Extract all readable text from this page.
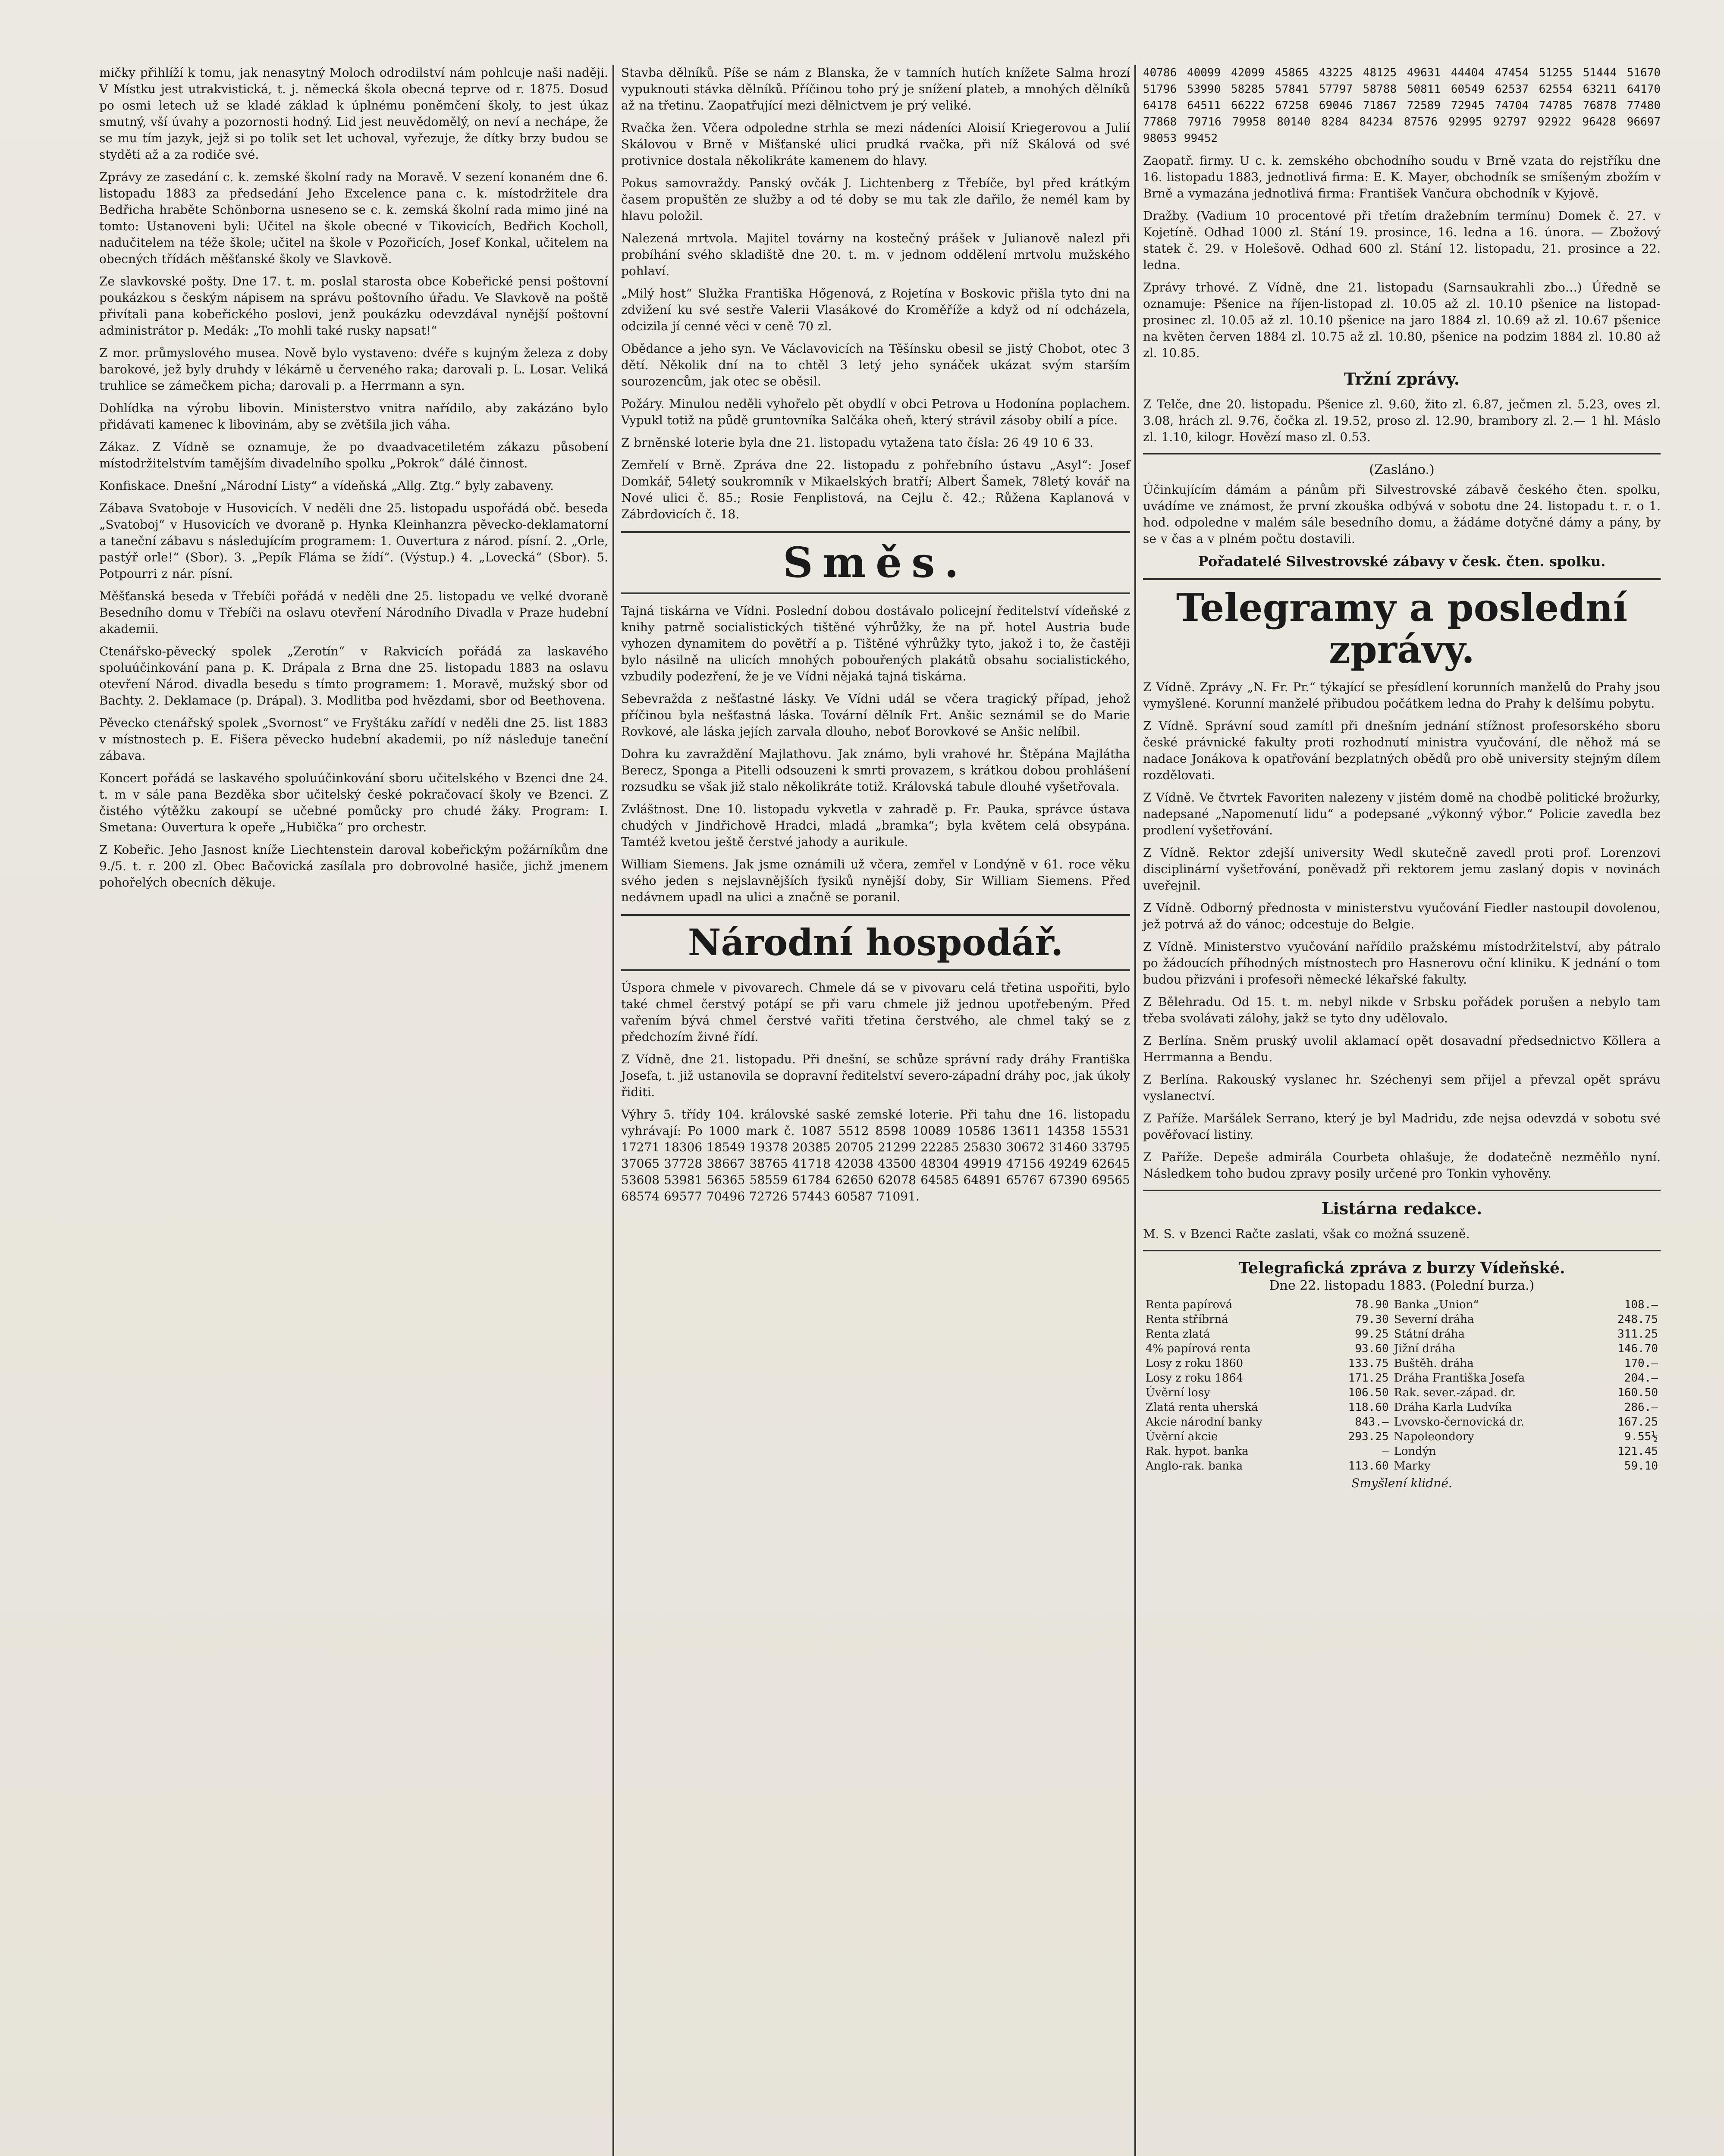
mičky přihlíží k tomu, jak nenasytný Moloch odrodilství nám pohlcuje naši naději. V Místku jest utrakvistická, t. j. německá škola obecná teprve od r. 1875. Dosud po osmi letech už se kladé základ k úplnému poněmčení školy, to jest úkaz smutný, vší úvahy a pozornosti hodný. Lid jest neuvědomělý, on neví a nechápe, že se mu tím jazyk, jejž si po tolik set let uchoval, vyřezuje, že dítky brzy budou se styděti až a za rodiče své.

Zprávy ze zasedání c. k. zemské školní rady na Moravě. V sezení konaném dne 6. listopadu 1883 za předsedání Jeho Excelence pana c. k. místodržitele dra Bedřicha hraběte Schönborna usneseno se c. k. zemská školní rada mimo jiné na tomto: Ustanoveni byli: Učitel na škole obecné v Tikovicích, Bedřich Kocholl, nadučitelem na téže škole; učitel na škole v Pozořicích, Josef Konkal, učitelem na obecných třídách měšťanské školy ve Slavkově.

Ze slavkovské pošty. Dne 17. t. m. poslal starosta obce Kobeřické pensi poštovní poukázkou s českým nápisem na správu poštovního úřadu. Ve Slavkově na poště přivítali pana kobeřického poslovi, jenž poukázku odevzdával nynější poštovní administrátor p. Medák: „To mohli také rusky napsat!“

Z mor. průmyslového musea. Nově bylo vystaveno: dvéře s kujným železa z doby barokové, jež byly druhdy v lékárně u červeného raka; darovali p. L. Losar. Veliká truhlice se zámečkem picha; darovali p. a Herrmann a syn.

Dohlídka na výrobu libovin. Ministerstvo vnitra nařídilo, aby zakázáno bylo přidávati kamenec k libovinám, aby se zvětšila jich váha.

Zákaz. Z Vídně se oznamuje, že po dvaadvacetiletém zákazu působení místodržitelstvím tamějším divadelního spolku „Pokrok“ dálé činnost.

Konfiskace. Dnešní „Národní Listy“ a vídeňská „Allg. Ztg.“ byly zabaveny.

Zábava Svatoboje v Husovicích. V neděli dne 25. listopadu uspořádá obč. beseda „Svatoboj“ v Husovicích ve dvoraně p. Hynka Kleinhanzra pěvecko-deklamatorní a taneční zábavu s následujícím programem: 1. Ouvertura z národ. písní. 2. „Orle, pastýř orle!“ (Sbor). 3. „Pepík Fláma se žídí“. (Výstup.) 4. „Lovecká“ (Sbor). 5. Potpourri z nár. písní.

Měšťanská beseda v Třebíči pořádá v neděli dne 25. listopadu ve velké dvoraně Besedního domu v Třebíči na oslavu otevření Národního Divadla v Praze hudební akademii.

Ctenářsko-pěvecký spolek „Zerotín“ v Rakvicích pořádá za laskavého spoluúčinkování pana p. K. Drápala z Brna dne 25. listopadu 1883 na oslavu otevření Národ. divadla besedu s tímto programem: 1. Moravě, mužský sbor od Bachty. 2. Deklamace (p. Drápal). 3. Modlitba pod hvězdami, sbor od Beethovena.

Pěvecko ctenářský spolek „Svornost“ ve Fryštáku zařídí v neděli dne 25. list 1883 v místnostech p. E. Fišera pěvecko hudební akademii, po níž následuje taneční zábava.

Koncert pořádá se laskavého spoluúčinkování sboru učitelského v Bzenci dne 24. t. m v sále pana Bezděka sbor učitelský české pokračovací školy ve Bzenci. Z čistého výtěžku zakoupí se učebné pomůcky pro chudé žáky. Program: I. Smetana: Ouvertura k opeře „Hubička“ pro orchestr.

Z Kobeřic. Jeho Jasnost kníže Liechtenstein daroval kobeřickým požárníkům dne 9./5. t. r. 200 zl. Obec Bačovická zasílala pro dobrovolné hasiče, jichž jmenem pohořelých obecních děkuje.

Stavba dělníků. Píše se nám z Blanska, že v tamních hutích knížete Salma hrozí vypuknouti stávka dělníků. Příčinou toho prý je snížení plateb, a mnohých dělníků až na třetinu. Zaopatřující mezi dělnictvem je prý veliké.

Rvačka žen. Včera odpoledne strhla se mezi nádeníci Aloisií Kriegerovou a Julií Skálovou v Brně v Mišťanské ulici prudká rvačka, při níž Skálová od své protivnice dostala několikráte kamenem do hlavy.

Pokus samovraždy. Panský ovčák J. Lichtenberg z Třebíče, byl před krátkým časem propuštěn ze služby a od té doby se mu tak zle dařilo, že nemél kam by hlavu položil.

Nalezená mrtvola. Majitel továrny na kostečný prášek v Julianově nalezl při probíhání svého skladiště dne 20. t. m. v jednom oddělení mrtvolu mužského pohlaví.

„Milý host“ Služka Františka Hőgenová, z Rojetína v Boskovic přišla tyto dni na zdvižení ku své sestře Valerii Vlasákové do Kroměříže a když od ní odcházela, odcizila jí cenné věci v ceně 70 zl.

Obědance a jeho syn. Ve Václavovicích na Těšínsku obesil se jistý Chobot, otec 3 dětí. Několik dní na to chtěl 3 letý jeho synáček ukázat svým starším sourozencům, jak otec se oběsil.

Požáry. Minulou neděli vyhořelo pět obydlí v obci Petrova u Hodonína poplachem. Vypukl totiž na půdě gruntovníka Salčáka oheň, který strávil zásoby obilí a píce.

Z brněnské loterie byla dne 21. listopadu vytažena tato čísla: 26 49 10 6 33.

Zemřelí v Brně. Zpráva dne 22. listopadu z pohřebního ústavu „Asyl“: Josef Domkář, 54letý soukromník v Mikaelských bratří; Albert Šamek, 78letý kovář na Nové ulici č. 85.; Rosie Fenplistová, na Cejlu č. 42.; Růžena Kaplanová v Zábrdovicích č. 18.

Směs.

Tajná tiskárna ve Vídni. Poslední dobou dostávalo policejní ředitelství vídeňské z knihy patrně socialistických tištěné výhrůžky, že na př. hotel Austria bude vyhozen dynamitem do povětří a p. Tištěné výhrůžky tyto, jakož i to, že častěji bylo násilně na ulicích mnohých pobouřených plakátů obsahu socialistického, vzbudily podezření, že je ve Vídni nějaká tajná tiskárna.

Sebevražda z nešťastné lásky. Ve Vídni udál se včera tragický případ, jehož příčinou byla nešťastná láska. Tovární dělník Frt. Anšic seznámil se do Marie Rovkové, ale láska jejích zarvala dlouho, neboť Borovkové se Anšic nelíbil.

Dohra ku zavraždění Majlathovu. Jak známo, byli vrahové hr. Štěpána Majlátha Berecz, Sponga a Pitelli odsouzeni k smrti provazem, s krátkou dobou prohlášení rozsudku se však již stalo několikráte totiž. Královská tabule dlouhé vyšetřovala.

Zvláštnost. Dne 10. listopadu vykvetla v zahradě p. Fr. Pauka, správce ústava chudých v Jindřichově Hradci, mladá „bramka“; byla květem celá obsypána. Tamtéž kvetou ještě čerstvé jahody a aurikule.

William Siemens. Jak jsme oznámili už včera, zemřel v Londýně v 61. roce věku svého jeden s nejslavnějších fysiků nynější doby, Sir William Siemens. Před nedávnem upadl na ulici a značně se poranil.

Národní hospodář.

Úspora chmele v pivovarech. Chmele dá se v pivovaru celá třetina uspořiti, bylo také chmel čerstvý potápí se při varu chmele již jednou upotřebeným. Před vařením bývá chmel čerstvé vařiti třetina čerstvého, ale chmel taký se z předchozím živné řídí.

Z Vídně, dne 21. listopadu. Při dnešní, se schůze správní rady dráhy Františka Josefa, t. již ustanovila se dopravní ředitelství severo-západní dráhy poc, jak úkoly řiditi.

Výhry 5. třídy 104. královské saské zemské loterie. Při tahu dne 16. listopadu vyhrávají: Po 1000 mark č. 1087 5512 8598 10089 10586 13611 14358 15531 17271 18306 18549 19378 20385 20705 21299 22285 25830 30672 31460 33795 37065 37728 38667 38765 41718 42038 43500 48304 49919 47156 49249 62645 53608 53981 56365 58559 61784 62650 62078 64585 64891 65767 67390 69565 68574 69577 70496 72726 57443 60587 71091.

40786 40099 42099 45865 43225 48125 49631 44404 47454 51255 51444 51670 51796 53990 58285 57841 57797 58788 50811 60549 62537 62554 63211 64170 64178 64511 66222 67258 69046 71867 72589 72945 74704 74785 76878 77480 77868 79716 79958 80140 8284 84234 87576 92995 92797 92922 96428 96697 98053 99452

Zaopatř. firmy. U c. k. zemského obchodního soudu v Brně vzata do rejstříku dne 16. listopadu 1883, jednotlivá firma: E. K. Mayer, obchodník se smíšeným zbožím v Brně a vymazána jednotlivá firma: František Vančura obchodník v Kyjově.

Dražby. (Vadium 10 procentové při třetím dražebním termínu) Domek č. 27. v Kojetíně. Odhad 1000 zl. Stání 19. prosince, 16. ledna a 16. února. — Zbožový statek č. 29. v Holešově. Odhad 600 zl. Stání 12. listopadu, 21. prosince a 22. ledna.

Zprávy trhové. Z Vídně, dne 21. listopadu (Sarnsaukrahli zbo…) Úředně se oznamuje: Pšenice na říjen-listopad zl. 10.05 až zl. 10.10 pšenice na listopad-prosinec zl. 10.05 až zl. 10.10 pšenice na jaro 1884 zl. 10.69 až zl. 10.67 pšenice na květen červen 1884 zl. 10.75 až zl. 10.80, pšenice na podzim 1884 zl. 10.80 až zl. 10.85.

Tržní zprávy.

Z Telče, dne 20. listopadu. Pšenice zl. 9.60, žito zl. 6.87, ječmen zl. 5.23, oves zl. 3.08, hrách zl. 9.76, čočka zl. 19.52, proso zl. 12.90, brambory zl. 2.— 1 hl. Máslo zl. 1.10, kilogr. Hovězí maso zl. 0.53.

(Zasláno.)

Účinkujícím dámám a pánům při Silvestrovské zábavě českého čten. spolku, uvádíme ve známost, že první zkouška odbývá v sobotu dne 24. listopadu t. r. o 1. hod. odpoledne v malém sále besedního domu, a žádáme dotyčné dámy a pány, by se v čas a v plném počtu dostavili.

Pořadatelé Silvestrovské zábavy v česk. čten. spolku.
Telegramy a poslední zprávy.

Z Vídně. Zprávy „N. Fr. Pr.“ týkající se přesídlení korunních manželů do Prahy jsou vymyšlené. Korunní manželé přibudou počátkem ledna do Prahy k delšímu pobytu.

Z Vídně. Správní soud zamítl při dnešním jednání stížnost profesorského sboru české právnické fakulty proti rozhodnutí ministra vyučování, dle něhož má se nadace Jonákova k opatřování bezplatných obědů pro obě university stejným dílem rozdělovati.

Z Vídně. Ve čtvrtek Favoriten nalezeny v jistém domě na chodbě politické brožurky, nadepsané „Napomenutí lidu“ a podepsané „výkonný výbor.“ Policie zavedla bez prodlení vyšetřování.

Z Vídně. Rektor zdejší university Wedl skutečně zavedl proti prof. Lorenzovi disciplinární vyšetřování, poněvadž při rektorem jemu zaslaný dopis v novinách uveřejnil.

Z Vídně. Odborný přednosta v ministerstvu vyučování Fiedler nastoupil dovolenou, jež potrvá až do vánoc; odcestuje do Belgie.

Z Vídně. Ministerstvo vyučování nařídilo pražskému místodržitelství, aby pátralo po žádoucích příhodných místnostech pro Hasnerovu oční kliniku. K jednání o tom budou přizváni i profesoři německé lékařské fakulty.

Z Bělehradu. Od 15. t. m. nebyl nikde v Srbsku pořádek porušen a nebylo tam třeba svolávati zálohy, jakž se tyto dny udělovalo.

Z Berlína. Sněm pruský uvolil aklamací opět dosavadní předsednictvo Köllera a Herrmanna a Bendu.

Z Berlína. Rakouský vyslanec hr. Széchenyi sem přijel a převzal opět správu vyslanectví.

Z Paříže. Maršálek Serrano, který je byl Madridu, zde nejsa odevzdá v sobotu své pověřovací listiny.

Z Paříže. Depeše admirála Courbeta ohlašuje, že dodatečně nezměňlo nyní. Následkem toho budou zpravy posily určené pro Tonkin vyhověny.

Listárna redakce.

M. S. v Bzenci Račte zaslati, však co možná ssuzeně.

Telegrafická zpráva z burzy Vídeňské.
Dne 22. listopadu 1883. (Polední burza.)
Renta papírová	78.90	Banka „Union“	108.—
Renta stříbrná	79.30	Severní dráha	248.75
Renta zlatá	99.25	Státní dráha	311.25
4% papírová renta	93.60	Jižní dráha	146.70
Losy z roku 1860	133.75	Buštěh. dráha	170.—
Losy z roku 1864	171.25	Dráha Františka Josefa	204.—
Úvěrní losy	106.50	Rak. sever.-západ. dr.	160.50
Zlatá renta uherská	118.60	Dráha Karla Ludvíka	286.—
Akcie národní banky	843.—	Lvovsko-černovická dr.	167.25
Úvěrní akcie	293.25	Napoleondory	9.55½
Rak. hypot. banka	—	Londýn	121.45
Anglo-rak. banka	113.60	Marky	59.10
Smyšlení klidné.
